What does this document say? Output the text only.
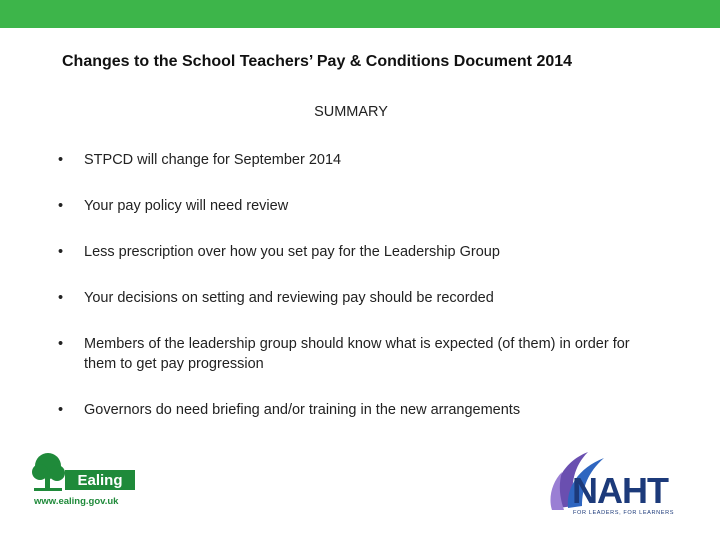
Changes to the School Teachers’ Pay & Conditions Document 2014
SUMMARY
•	STPCD will change for September 2014
•	Your pay policy will need review
•	Less prescription over how you set pay for the Leadership Group
•	Your decisions on setting and reviewing pay should be recorded
•	Members of the leadership group should know what is expected (of them) in order for them to get pay progression
•	Governors do need briefing and/or training in the new arrangements
Ealing
www.ealing.gov.uk	NAHT
FOR LEADERS, FOR LEARNERS
